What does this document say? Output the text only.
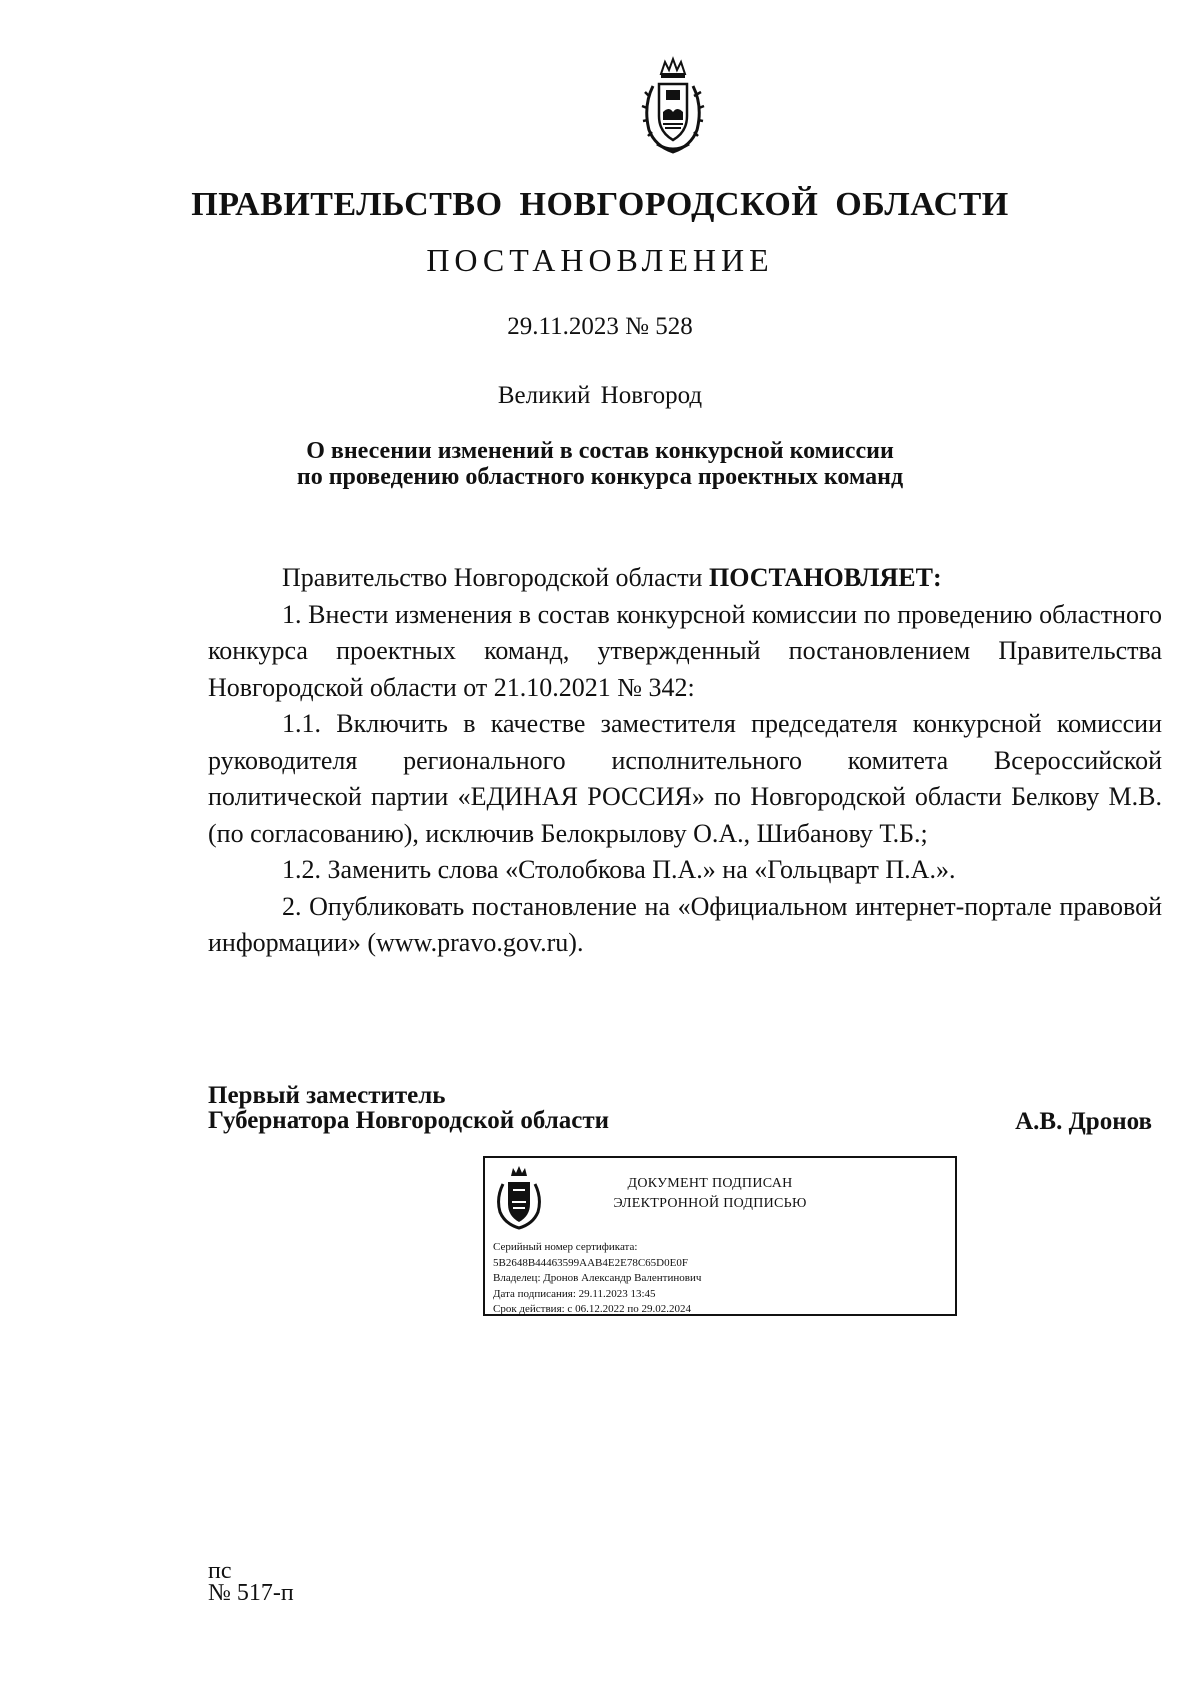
ПРАВИТЕЛЬСТВО НОВГОРОДСКОЙ ОБЛАСТИ
ПОСТАНОВЛЕНИЕ
29.11.2023 № 528
Великий Новгород
О внесении изменений в состав конкурсной комиссии
по проведению областного конкурса проектных команд

Правительство Новгородской области ПОСТАНОВЛЯЕТ:

1. Внести изменения в состав конкурсной комиссии по проведению областного конкурса проектных команд, утвержденный постановлением Правительства Новгородской области от 21.10.2021 № 342:

1.1. Включить в качестве заместителя председателя конкурсной комиссии руководителя регионального исполнительного комитета Всероссийской политической партии «ЕДИНАЯ РОССИЯ» по Новгородской области Белкову М.В. (по согласованию), исключив Белокрылову О.А., Шибанову Т.Б.;

1.2. Заменить слова «Столобкова П.А.» на «Гольцварт П.А.».

2. Опубликовать постановление на «Официальном интернет-портале правовой информации» (www.pravo.gov.ru).

Первый заместитель
Губернатора Новгородской области	А.В. Дронов
ДОКУМЕНТ ПОДПИСАН
ЭЛЕКТРОННОЙ ПОДПИСЬЮ
Серийный номер сертификата:
5B2648B44463599AAB4E2E78C65D0E0F
Владелец: Дронов Александр Валентинович
Дата подписания: 29.11.2023 13:45
Срок действия: с 06.12.2022 по 29.02.2024
пс
№ 517-п
